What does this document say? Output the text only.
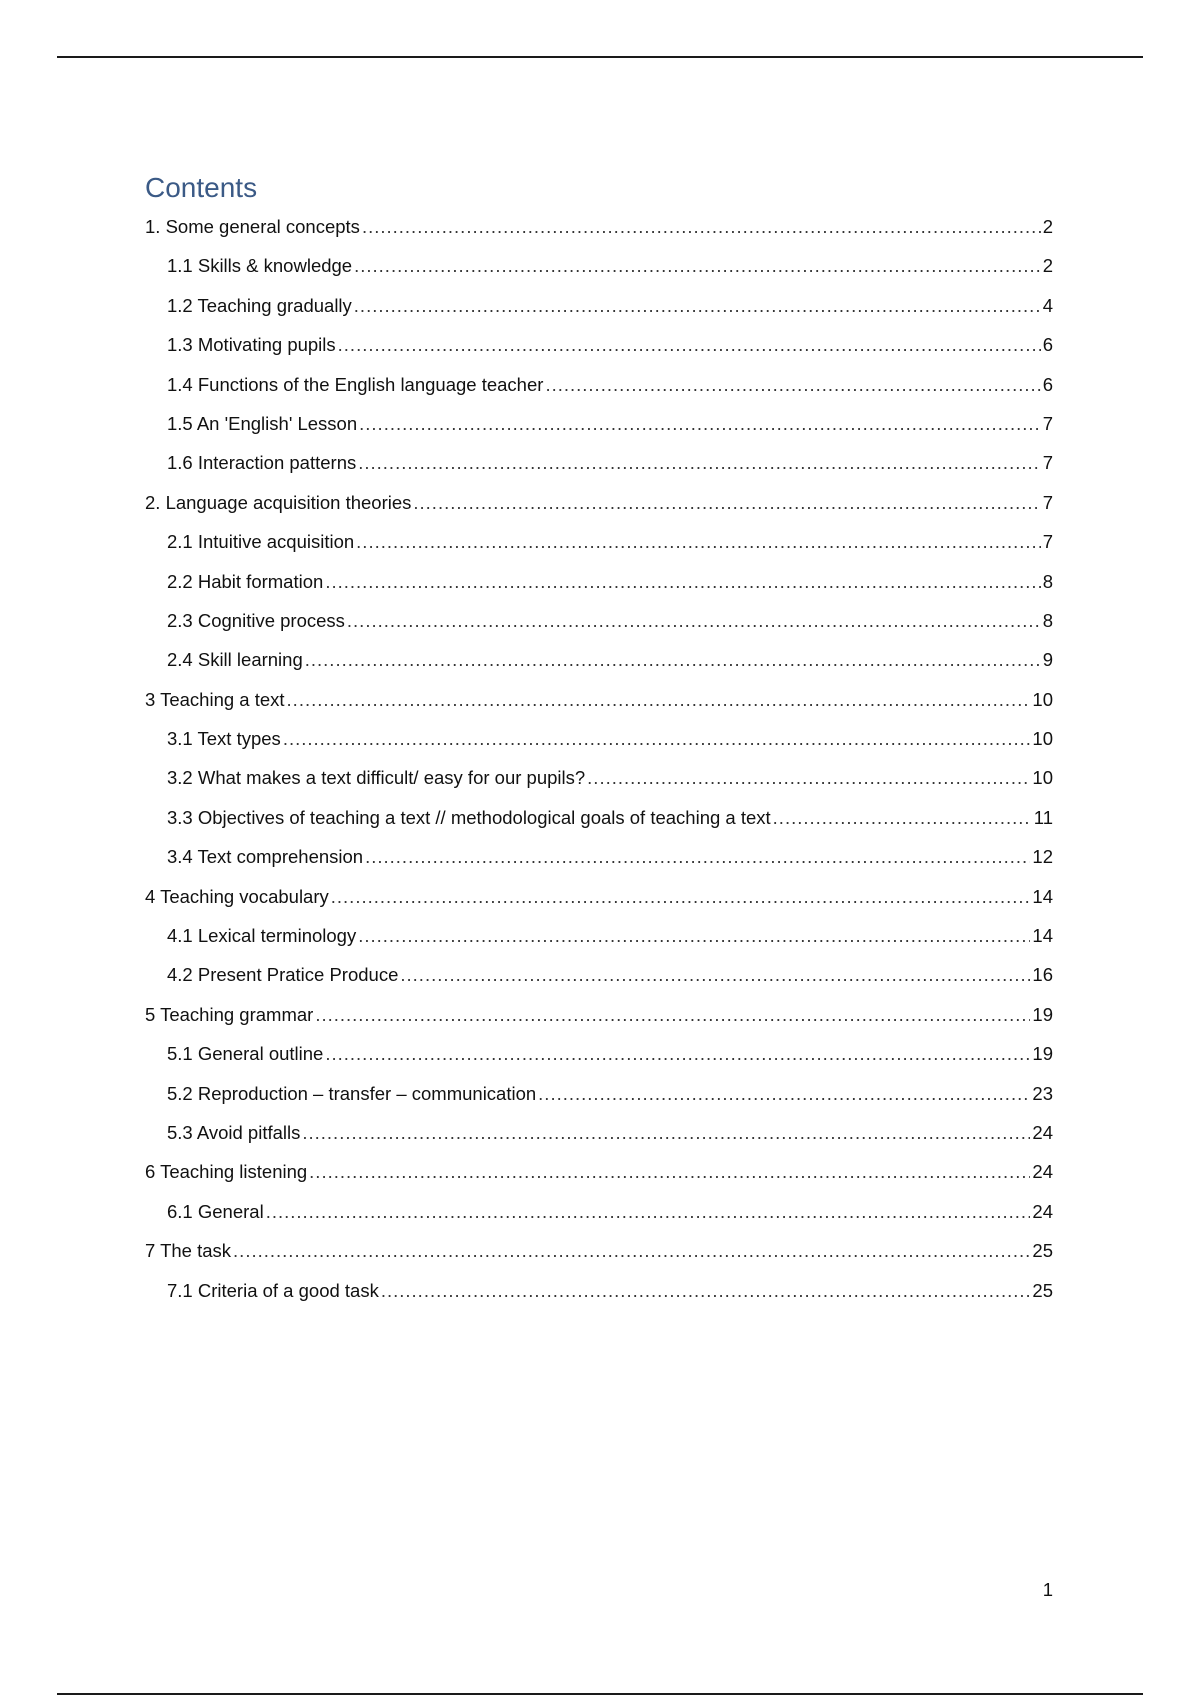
Contents
1. Some general concepts .....	2
1.1 Skills & knowledge .....	2
1.2 Teaching gradually .....	4
1.3 Motivating pupils .....	6
1.4 Functions of the English language teacher .....	6
1.5 An 'English' Lesson .....	7
1.6 Interaction patterns .....	7
2. Language acquisition theories .....	7
2.1 Intuitive acquisition .....	7
2.2 Habit formation .....	8
2.3 Cognitive process .....	8
2.4 Skill learning .....	9
3 Teaching a text .....	10
3.1 Text types .....	10
3.2 What makes a text difficult/ easy for our pupils? .....	10
3.3 Objectives of teaching a text // methodological goals of teaching a text .....	11
3.4 Text comprehension .....	12
4 Teaching vocabulary .....	14
4.1 Lexical terminology .....	14
4.2 Present Pratice Produce .....	16
5 Teaching grammar .....	19
5.1 General outline .....	19
5.2 Reproduction – transfer – communication .....	23
5.3 Avoid pitfalls .....	24
6 Teaching listening .....	24
6.1 General .....	24
7 The task .....	25
7.1 Criteria of a good task .....	25
1
